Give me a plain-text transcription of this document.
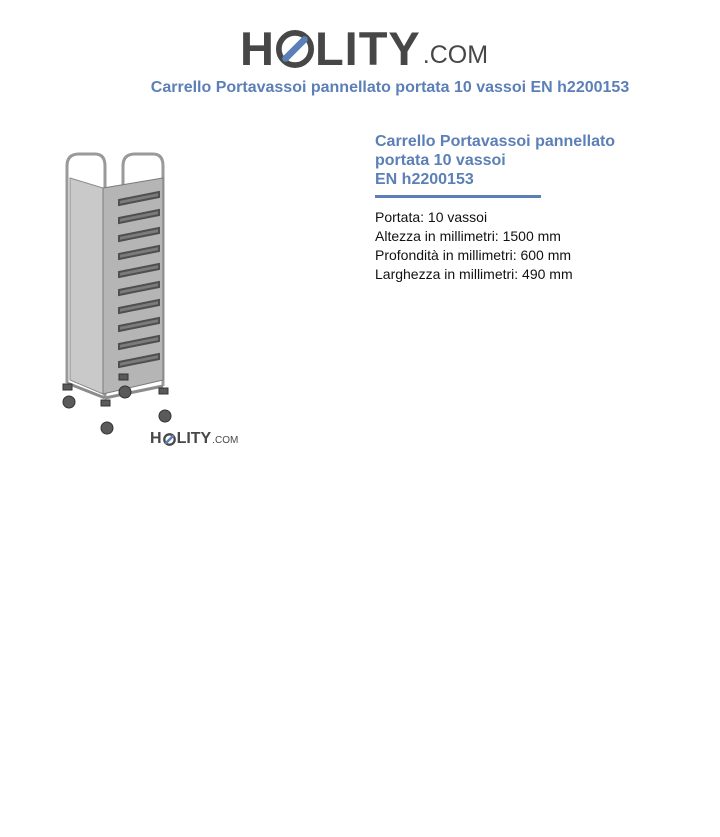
H LITY .COM
Carrello Portavassoi pannellato portata 10 vassoi EN h2200153
H LITY .COM
Carrello Portavassoi pannellato
portata 10 vassoi
EN h2200153
Portata: 10 vassoi
Altezza in millimetri: 1500 mm
Profondità in millimetri: 600 mm
Larghezza in millimetri: 490 mm
